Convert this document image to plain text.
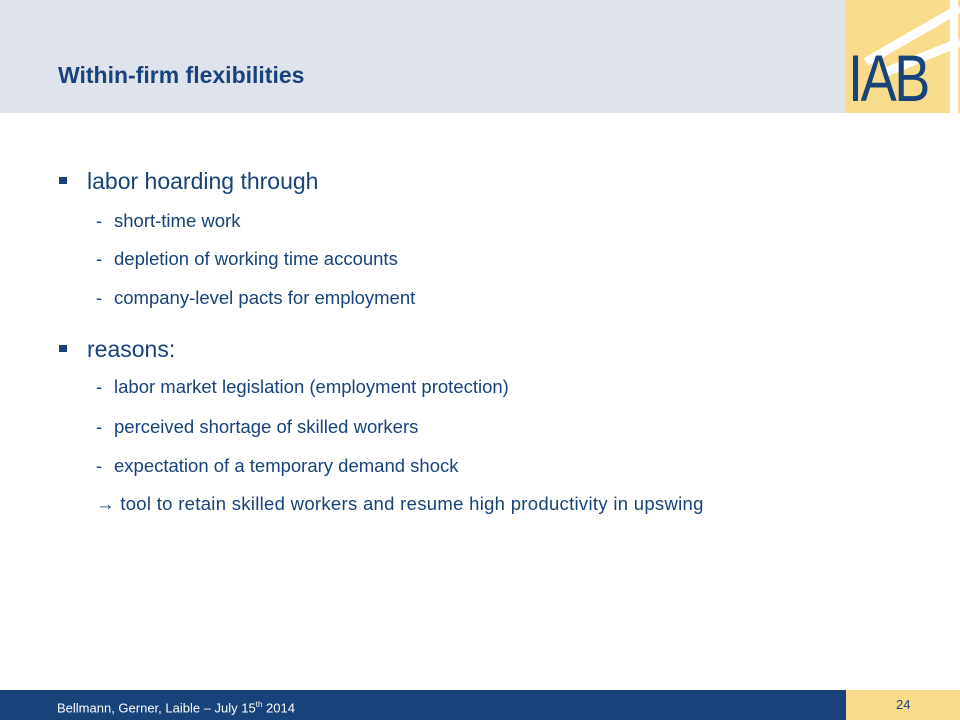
Within-firm flexibilities	IAB

labor hoarding through
- short-time work
- depletion of working time accounts
- company-level pacts for employment
reasons:
- labor market legislation (employment protection)
- perceived shortage of skilled workers
- expectation of a temporary demand shock

→ tool to retain skilled workers and resume high productivity in upswing

Bellmann, Gerner, Laible – July 15th 2014	24
